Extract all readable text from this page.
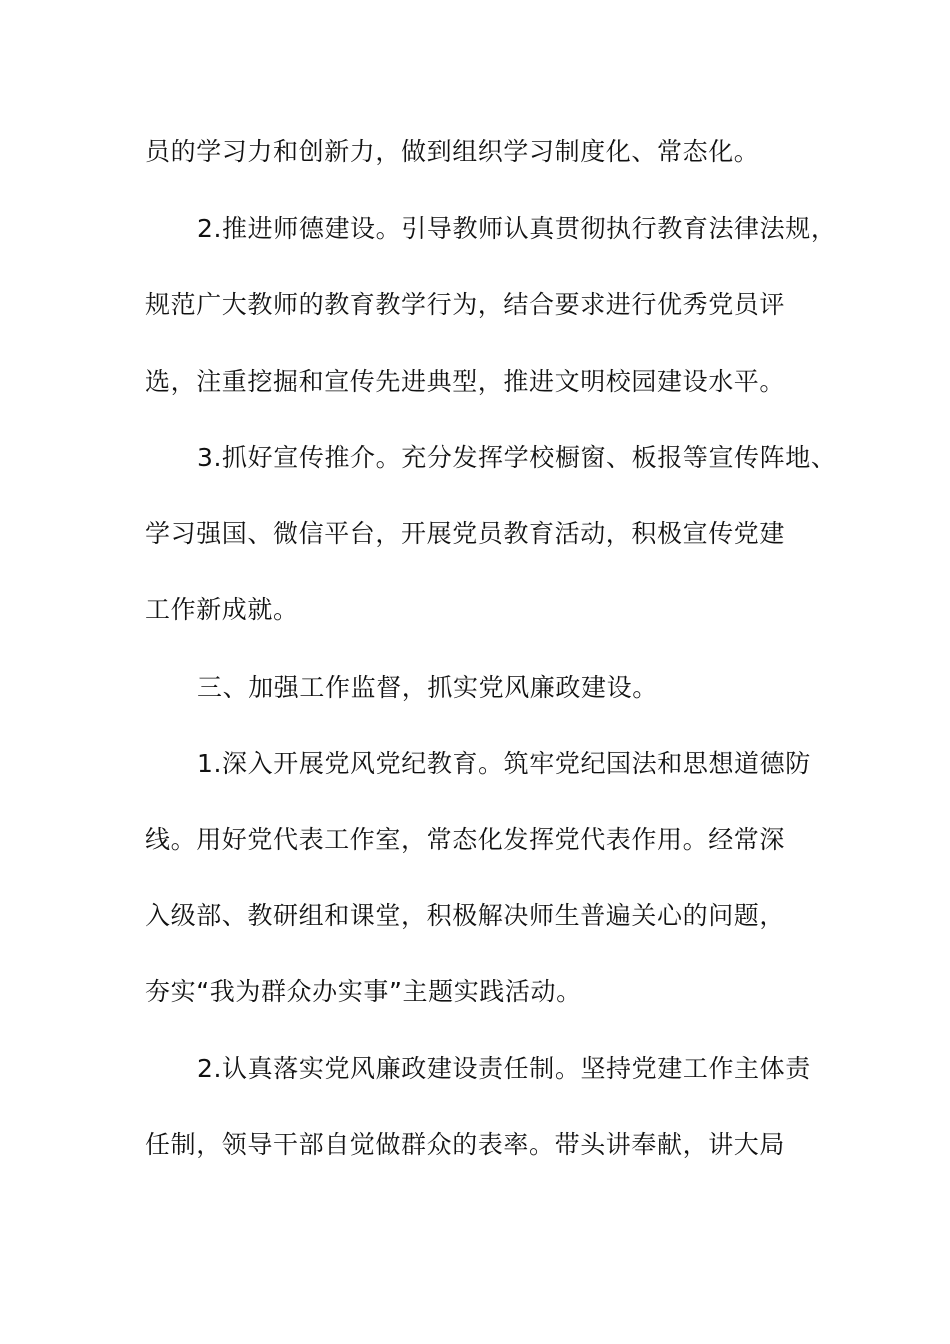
员的学习力和创新力，做到组织学习制度化、常态化。
2.推进师德建设。引导教师认真贯彻执行教育法律法规，
规范广大教师的教育教学行为，结合要求进行优秀党员评
选，注重挖掘和宣传先进典型，推进文明校园建设水平。
3.抓好宣传推介。充分发挥学校橱窗、板报等宣传阵地、
学习强国、微信平台，开展党员教育活动，积极宣传党建
工作新成就。
三、加强工作监督，抓实党风廉政建设。
1.深入开展党风党纪教育。筑牢党纪国法和思想道德防
线。用好党代表工作室，常态化发挥党代表作用。经常深
入级部、教研组和课堂，积极解决师生普遍关心的问题，
夯实“我为群众办实事”主题实践活动。
2.认真落实党风廉政建设责任制。坚持党建工作主体责
任制，领导干部自觉做群众的表率。带头讲奉献，讲大局
